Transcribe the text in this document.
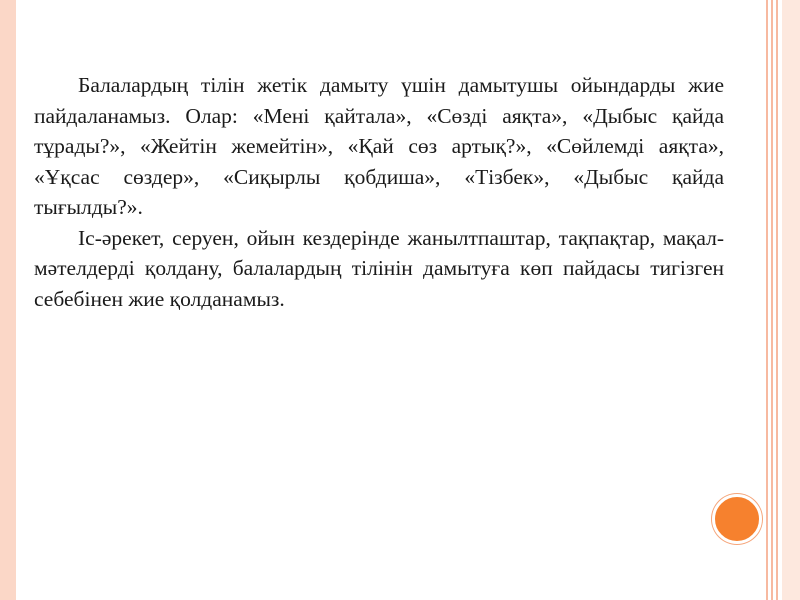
Балалардың тілін жетік дамыту үшін дамытушы ойындарды жие пайдаланамыз. Олар: «Мені қайтала», «Сөзді аяқта», «Дыбыс қайда тұрады?», «Жейтін жемейтін», «Қай сөз артық?», «Сөйлемді аяқта», «Ұқсас сөздер», «Сиқырлы қобдиша», «Тізбек», «Дыбыс қайда тығылды?».

Іс-әрекет, серуен, ойын кездерінде жанылтпаштар, тақпақтар, мақал-мәтелдерді қолдану, балалардың тілінін дамытуға көп пайдасы тигізген себебінен жие қолданамыз.
